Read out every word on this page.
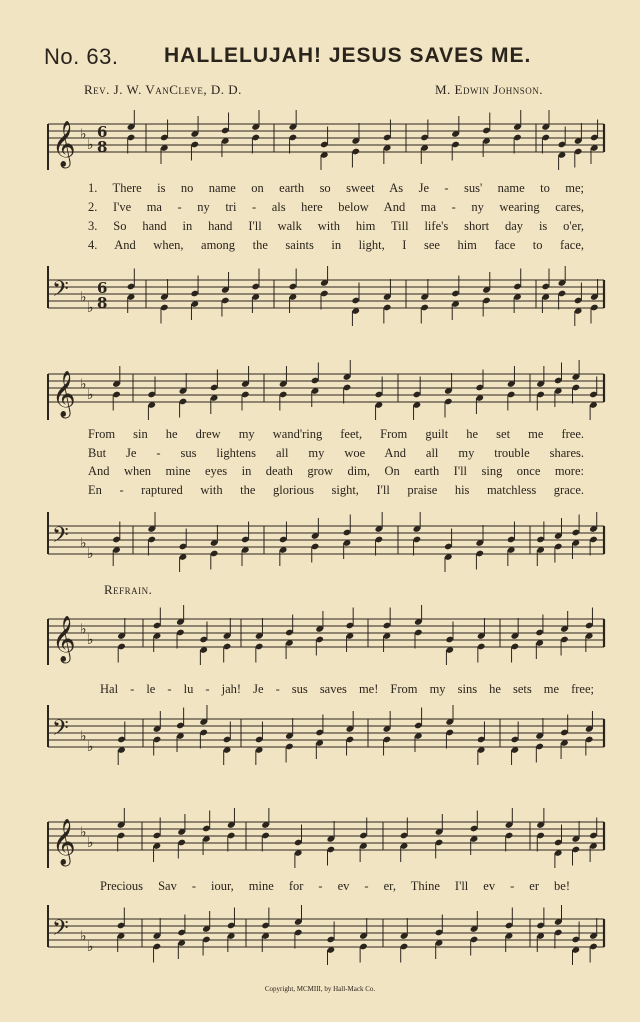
No. 63. HALLELUJAH! JESUS SAVES ME.
Rev. J. W. VanCleve, D. D.	M. Edwin Johnson.
𝄞 ♭
♭
6
8
1. There is no name on earth so sweet As Je - sus' name to me;
2. I've ma - ny tri - als here below And ma - ny wearing cares,
3. So hand in hand I'll walk with him Till life's short day is o'er,
4. And when, among the saints in light, I see him face to face,
𝄢 ♭
♭
6
8
𝄞 ♭
♭
From sin he drew my wand'ring feet, From guilt he set me free.
But Je - sus lightens all my woe And all my trouble shares.
And when mine eyes in death grow dim, On earth I'll sing once more:
En - raptured with the glorious sight, I'll praise his matchless grace.
𝄢 ♭
♭
Refrain.
𝄞 ♭
♭
Hal - le - lu - jah! Je - sus saves me! From my sins he sets me free;
𝄢 ♭
♭
𝄞 ♭
♭
Precious Sav - iour, mine for - ev - er, Thine I'll ev - er be!
𝄢 ♭
♭
Copyright, MCMIII, by Hall-Mack Co.
